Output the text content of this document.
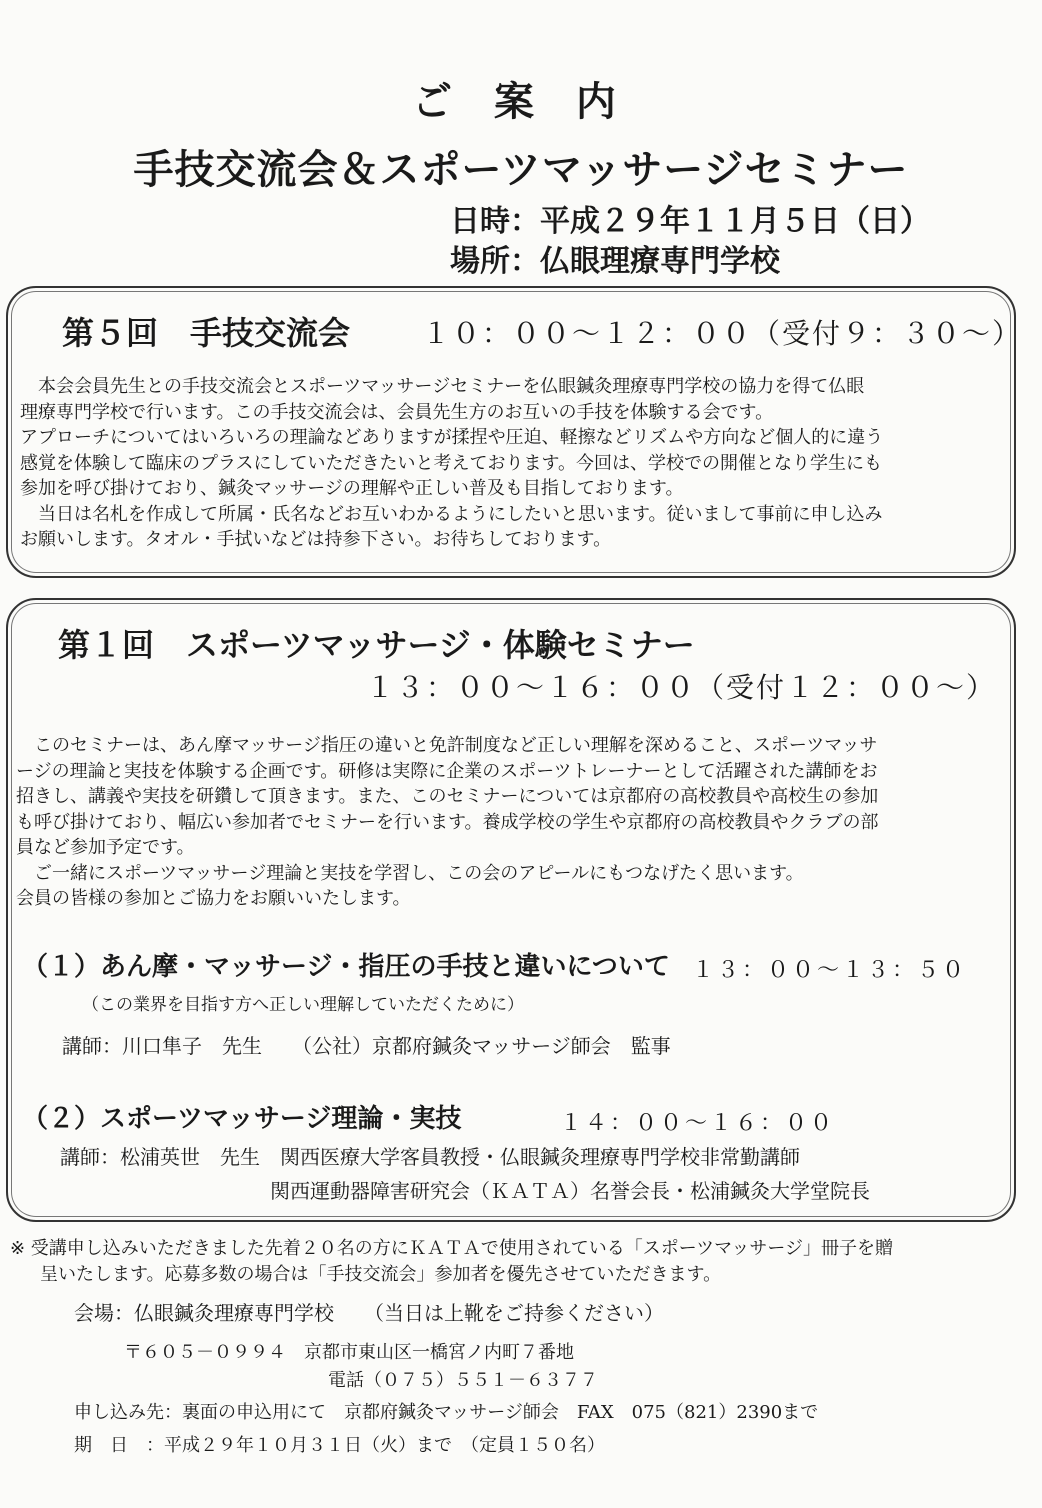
ご 案 内
手技交流会＆スポーツマッサージセミナー
日時：平成２９年１１月５日（日）
場所：仏眼理療専門学校
第５回　手技交流会	１０：００～１２：００（受付９：３０～）
　本会会員先生との手技交流会とスポーツマッサージセミナーを仏眼鍼灸理療専門学校の協力を得て仏眼
理療専門学校で行います。この手技交流会は、会員先生方のお互いの手技を体験する会です。
アプローチについてはいろいろの理論などありますが揉捏や圧迫、軽擦などリズムや方向など個人的に違う
感覚を体験して臨床のプラスにしていただきたいと考えております。今回は、学校での開催となり学生にも
参加を呼び掛けており、鍼灸マッサージの理解や正しい普及も目指しております。
　当日は名札を作成して所属・氏名などお互いわかるようにしたいと思います。従いまして事前に申し込み
お願いします。タオル・手拭いなどは持参下さい。お待ちしております。
第１回　スポーツマッサージ・体験セミナー
１３：００～１６：００（受付１２：００～）
　このセミナーは、あん摩マッサージ指圧の違いと免許制度など正しい理解を深めること、スポーツマッサ
ージの理論と実技を体験する企画です。研修は実際に企業のスポーツトレーナーとして活躍された講師をお
招きし、講義や実技を研鑽して頂きます。また、このセミナーについては京都府の高校教員や高校生の参加
も呼び掛けており、幅広い参加者でセミナーを行います。養成学校の学生や京都府の高校教員やクラブの部
員など参加予定です。
　ご一緒にスポーツマッサージ理論と実技を学習し、この会のアピールにもつなげたく思います。
会員の皆様の参加とご協力をお願いいたします。
（１）あん摩・マッサージ・指圧の手技と違いについて １３：００～１３：５０
（この業界を目指す方へ正しい理解していただくために）
講師：川口隼子　先生　　（公社）京都府鍼灸マッサージ師会　監事
（２）スポーツマッサージ理論・実技	１４：００～１６：００
講師：松浦英世　先生　関西医療大学客員教授・仏眼鍼灸理療専門学校非常勤講師
関西運動器障害研究会（ＫＡＴＡ）名誉会長・松浦鍼灸大学堂院長
※ 受講申し込みいただきました先着２０名の方にＫＡＴＡで使用されている「スポーツマッサージ」冊子を贈
呈いたします。応募多数の場合は「手技交流会」参加者を優先させていただきます。
会場：仏眼鍼灸理療専門学校　　（当日は上靴をご持参ください）
〒６０５－０９９４　京都市東山区一橋宮ノ内町７番地
電話（０７５）５５１－６３７７
申し込み先：裏面の申込用にて　京都府鍼灸マッサージ師会　FAX　075（821）2390まで
期　日　：平成２９年１０月３１日（火）まで　（定員１５０名）
